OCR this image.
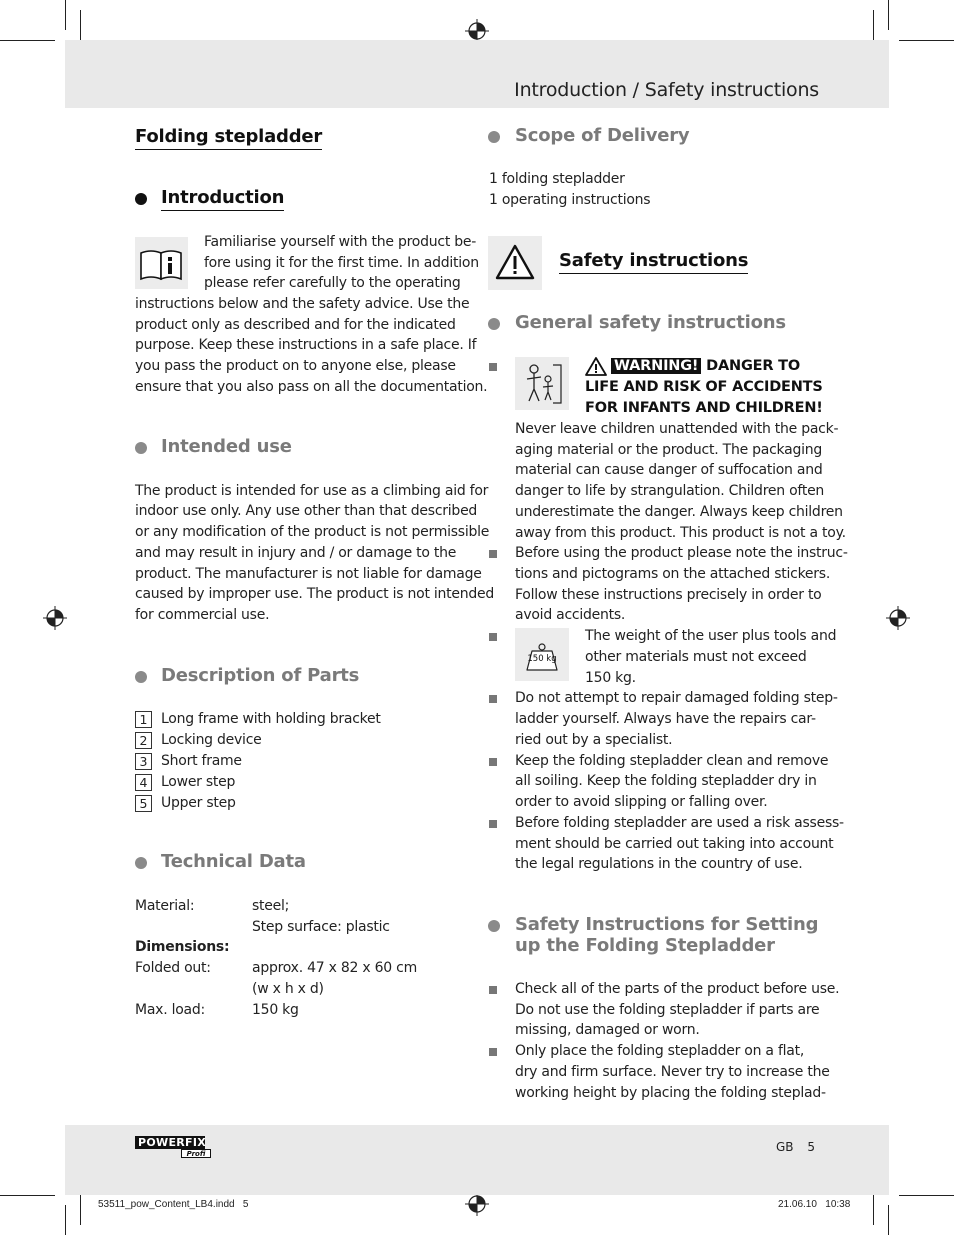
Introduction / Safety instructions
Folding stepladder
Introduction
Familiarise yourself with the product be-
fore using it for the first time. In addition
please refer carefully to the operating
instructions below and the safety advice. Use the
product only as described and for the indicated
purpose. Keep these instructions in a safe place. If
you pass the product on to anyone else, please
ensure that you also pass on all the documentation.
Intended use
The product is intended for use as a climbing aid for
indoor use only. Any use other than that described
or any modification of the product is not permissible
and may result in injury and / or damage to the
product. The manufacturer is not liable for damage
caused by improper use. The product is not intended
for commercial use.
Description of Parts
1 Long frame with holding bracket
2 Locking device
3 Short frame
4 Lower step
5 Upper step
Technical Data
Material:	steel;
Step surface: plastic
Dimensions:
Folded out:	approx. 47 x 82 x 60 cm
(w x h x d)
Max. load:	150 kg
Scope of Delivery
1 folding stepladder
1 operating instructions
Safety instructions
General safety instructions
WARNING! DANGER TO
LIFE AND RISK OF ACCIDENTS
FOR INFANTS AND CHILDREN!
Never leave children unattended with the pack-
aging material or the product. The packaging
material can cause danger of suffocation and
danger to life by strangulation. Children often
underestimate the danger. Always keep children
away from this product. This product is not a toy.
Before using the product please note the instruc-
tions and pictograms on the attached stickers.
Follow these instructions precisely in order to
avoid accidents.
150 kg
The weight of the user plus tools and
other materials must not exceed
150 kg.
Do not attempt to repair damaged folding step-
ladder yourself. Always have the repairs car-
ried out by a specialist.
Keep the folding stepladder clean and remove
all soiling. Keep the folding stepladder dry in
order to avoid slipping or falling over.
Before folding stepladder are used a risk assess-
ment should be carried out taking into account
the legal regulations in the country of use.
Safety Instructions for Setting
up the Folding Stepladder
Check all of the parts of the product before use.
Do not use the folding stepladder if parts are
missing, damaged or worn.
Only place the folding stepladder on a flat,
dry and firm surface. Never try to increase the
working height by placing the folding steplad-
POWERFIX
Profi	GB 5
53511_pow_Content_LB4.indd   5	21.06.10   10:38
